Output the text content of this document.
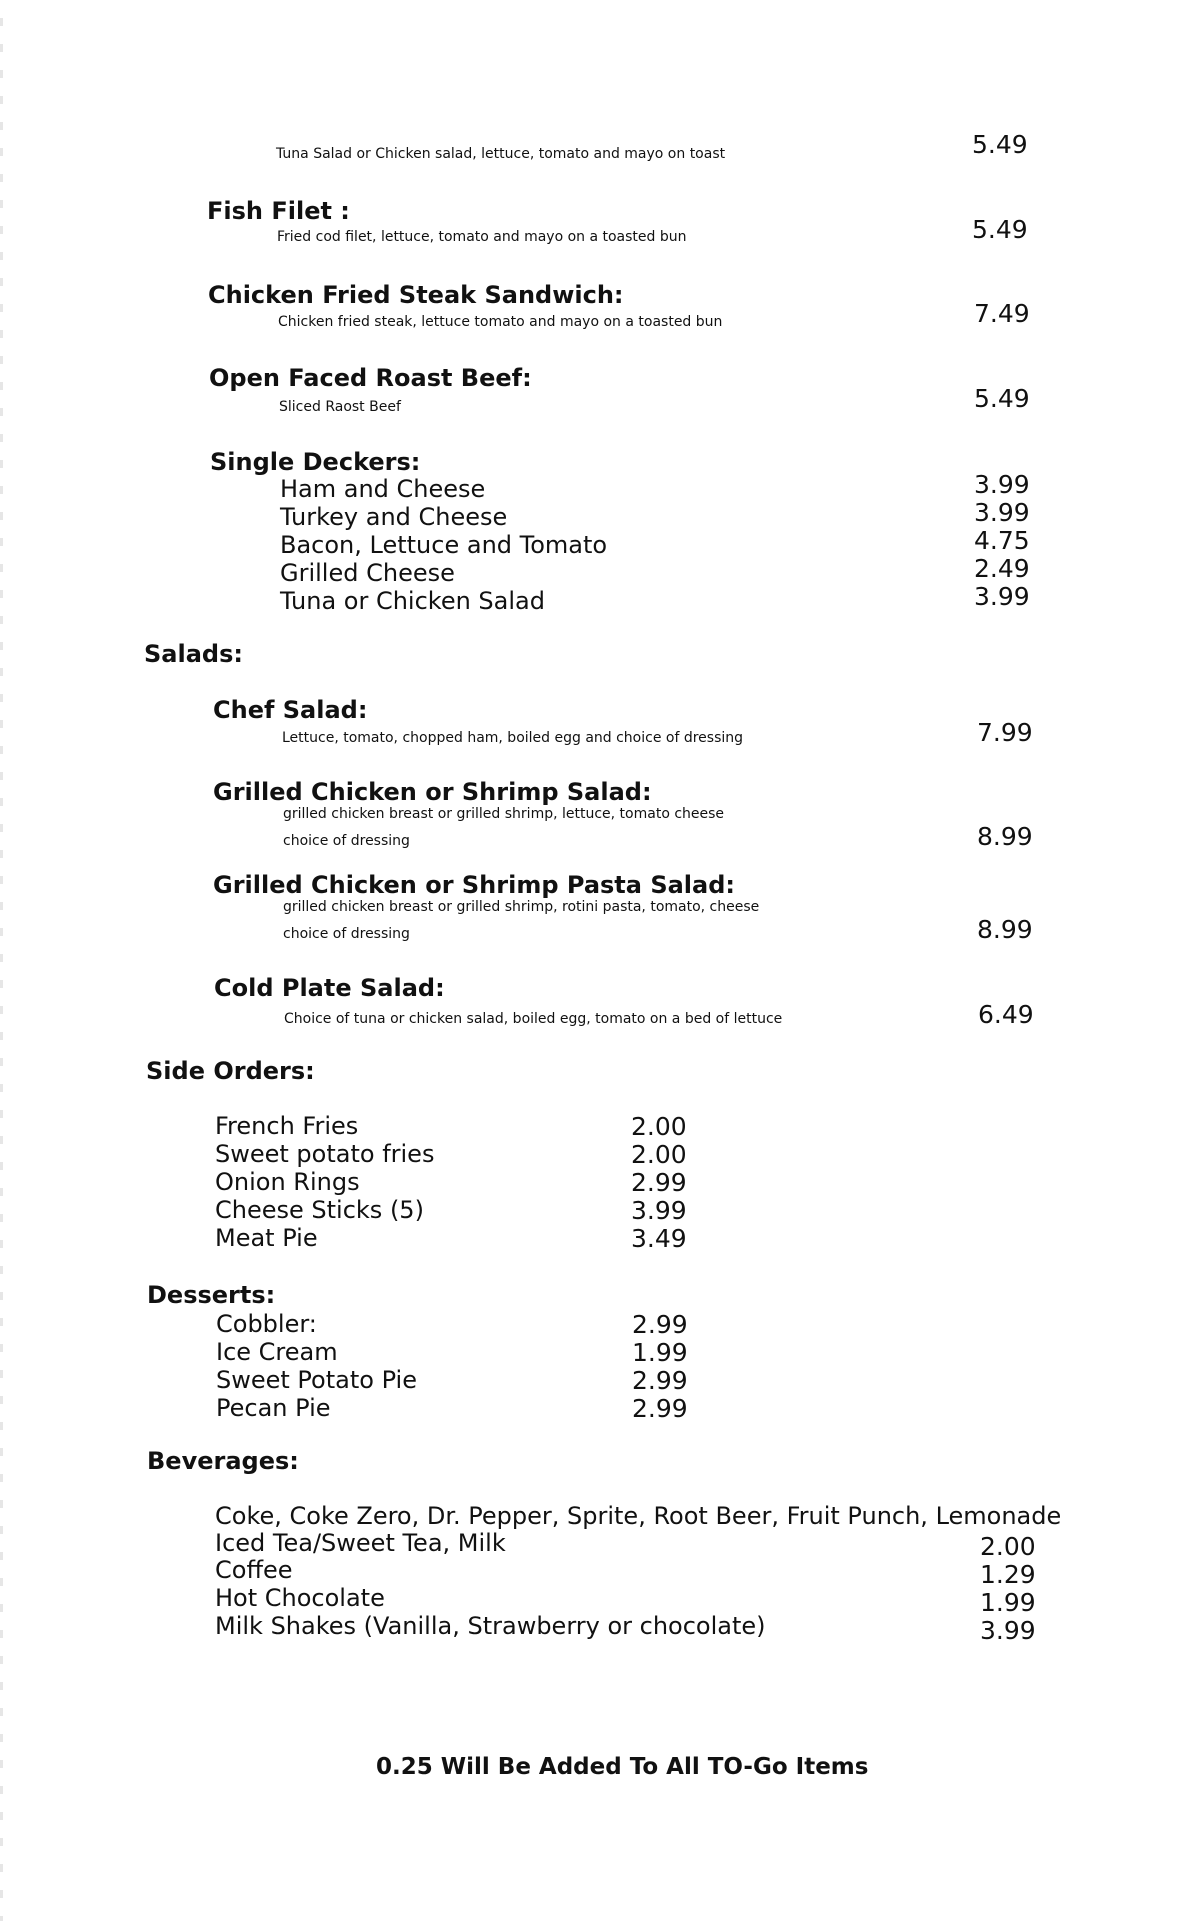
Tuna Salad or Chicken salad, lettuce, tomato and mayo on toast	5.49
Fish Filet :
Fried cod filet, lettuce, tomato and mayo on a toasted bun	5.49
Chicken Fried Steak Sandwich:
Chicken fried steak, lettuce tomato and mayo on a toasted bun	7.49
Open Faced Roast Beef:
Sliced Raost Beef	5.49
Single Deckers:
Ham and Cheese	3.99
Turkey and Cheese	3.99
Bacon, Lettuce and Tomato	4.75
Grilled Cheese	2.49
Tuna or Chicken Salad	3.99
Salads:
Chef Salad:
Lettuce, tomato, chopped ham, boiled egg and choice of dressing	7.99
Grilled Chicken or Shrimp Salad:
grilled chicken breast or grilled shrimp, lettuce, tomato cheese
choice of dressing	8.99
Grilled Chicken or Shrimp Pasta Salad:
grilled chicken breast or grilled shrimp, rotini pasta, tomato, cheese
choice of dressing	8.99
Cold Plate Salad:
Choice of tuna or chicken salad, boiled egg, tomato on a bed of lettuce	6.49
Side Orders:
French Fries	2.00
Sweet potato fries	2.00
Onion Rings	2.99
Cheese Sticks (5)	3.99
Meat Pie	3.49
Desserts:
Cobbler:	2.99
Ice Cream	1.99
Sweet Potato Pie	2.99
Pecan Pie	2.99
Beverages:
Coke, Coke Zero, Dr. Pepper, Sprite, Root Beer, Fruit Punch, Lemonade
Iced Tea/Sweet Tea, Milk	2.00
Coffee	1.29
Hot Chocolate	1.99
Milk Shakes (Vanilla, Strawberry or chocolate)	3.99
0.25 Will Be Added To All TO-Go Items
